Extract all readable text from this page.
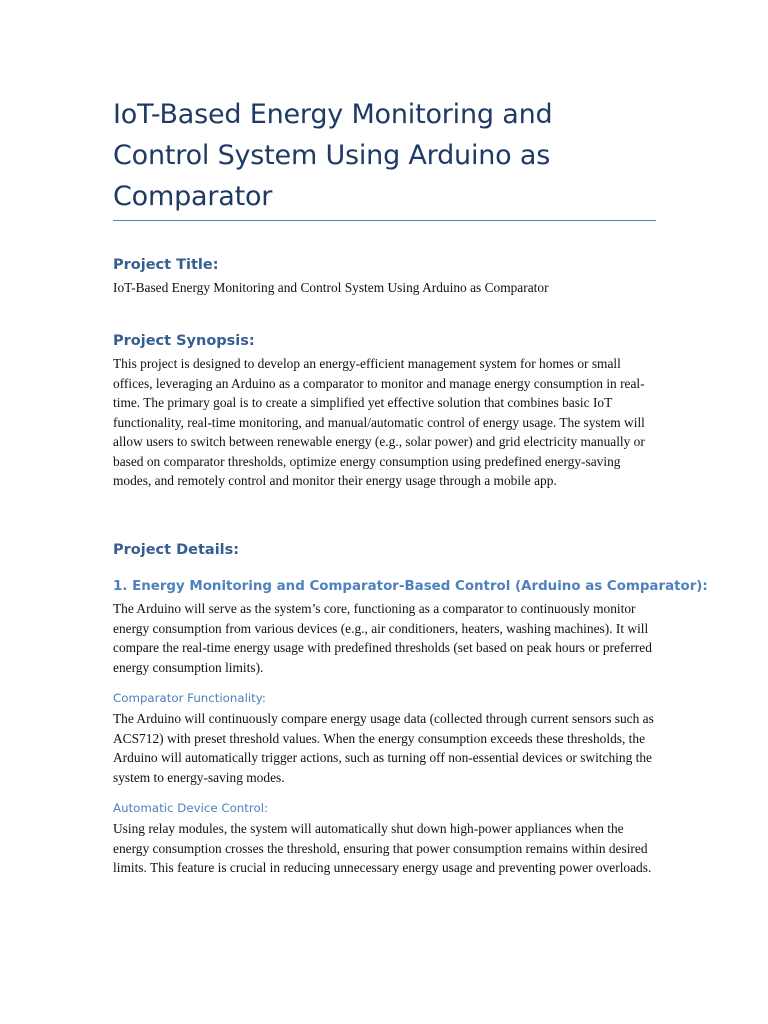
IoT-Based Energy Monitoring and Control System Using Arduino as Comparator
Project Title:

IoT-Based Energy Monitoring and Control System Using Arduino as Comparator

Project Synopsis:

This project is designed to develop an energy-efficient management system for homes or small offices, leveraging an Arduino as a comparator to monitor and manage energy consumption in real-time. The primary goal is to create a simplified yet effective solution that combines basic IoT functionality, real-time monitoring, and manual/automatic control of energy usage. The system will allow users to switch between renewable energy (e.g., solar power) and grid electricity manually or based on comparator thresholds, optimize energy consumption using predefined energy-saving modes, and remotely control and monitor their energy usage through a mobile app.

Project Details:
1. Energy Monitoring and Comparator-Based Control (Arduino as Comparator):

The Arduino will serve as the system’s core, functioning as a comparator to continuously monitor energy consumption from various devices (e.g., air conditioners, heaters, washing machines). It will compare the real-time energy usage with predefined thresholds (set based on peak hours or preferred energy consumption limits).

Comparator Functionality:

The Arduino will continuously compare energy usage data (collected through current sensors such as ACS712) with preset threshold values. When the energy consumption exceeds these thresholds, the Arduino will automatically trigger actions, such as turning off non-essential devices or switching the system to energy-saving modes.

Automatic Device Control:

Using relay modules, the system will automatically shut down high-power appliances when the energy consumption crosses the threshold, ensuring that power consumption remains within desired limits. This feature is crucial in reducing unnecessary energy usage and preventing power overloads.
